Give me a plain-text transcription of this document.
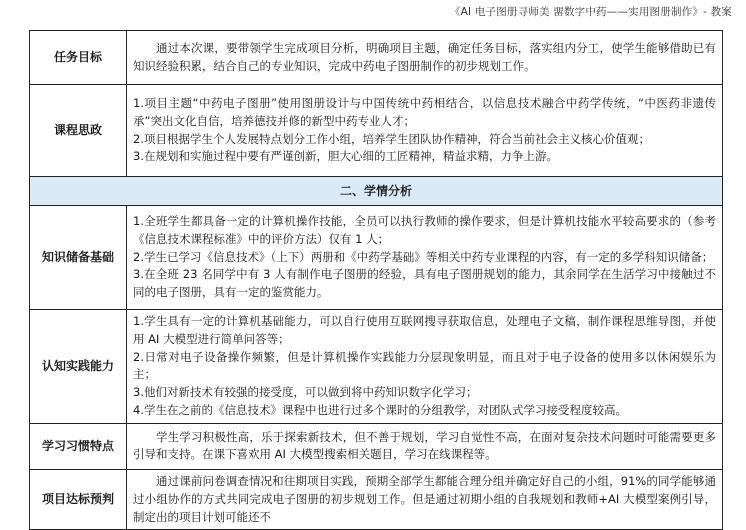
《AI 电子图册寻师美 畱数字中药——实用图册制作》- 教案
任务目标	通过本次课，要带领学生完成项目分析，明确项目主题，确定任务目标，落实组内分工，使学生能够借助已有知识经验积累，结合自己的专业知识，完成中药电子图册制作的初步规划工作。

课程思政	1.项目主题“中药电子图册”使用图册设计与中国传统中药相结合，以信息技术融合中药学传统，“中医药非遗传承”突出文化自信，培养德技并修的新型中药专业人才；
2.项目根据学生个人发展特点划分工作小组，培养学生团队协作精神，符合当前社会主义核心价值观；
3.在规划和实施过程中要有严谨创新，胆大心细的工匠精神，精益求精，力争上游。

二、学情分析	
知识储备基础	1.全班学生都具备一定的计算机操作技能，全员可以执行教师的操作要求，但是计算机技能水平较高要求的（参考《信息技术课程标准》中的评价方法）仅有 1 人；
2.学生已学习《信息技术》（上下）两册和《中药学基础》等相关中药专业课程的内容，有一定的多学科知识储备；
3.在全班 23 名同学中有 3 人有制作电子图册的经验，具有电子图册规划的能力，其余同学在生活学习中接触过不同的电子图册，具有一定的鉴赏能力。

认知实践能力	1.学生具有一定的计算机基础能力，可以自行使用互联网搜寻获取信息，处理电子文稿，制作课程思维导图，并使用 AI 大模型进行简单问答等；
2.日常对电子设备操作频繁，但是计算机操作实践能力分层现象明显，而且对于电子设备的使用多以休闲娱乐为主；
3.他们对新技术有较强的接受度，可以做到将中药知识数字化学习；
4.学生在之前的《信息技术》课程中也进行过多个课时的分组教学，对团队式学习接受程度较高。

学习习惯特点	学生学习积极性高，乐于探索新技术，但不善于规划，学习自觉性不高，在面对复杂技术问题时可能需要更多引导和支持。在课下喜欢用 AI 大模型搜索相关题目，学习在线课程等。

项目达标预判	通过课前问卷调查情况和往期项目实践，预期全部学生都能合理分组并确定好自己的小组，91%的同学能够通过小组协作的方式共同完成电子图册的初步规划工作。但是通过初期小组的自我规划和教师+AI 大模型案例引导，制定出的项目计划可能还不
